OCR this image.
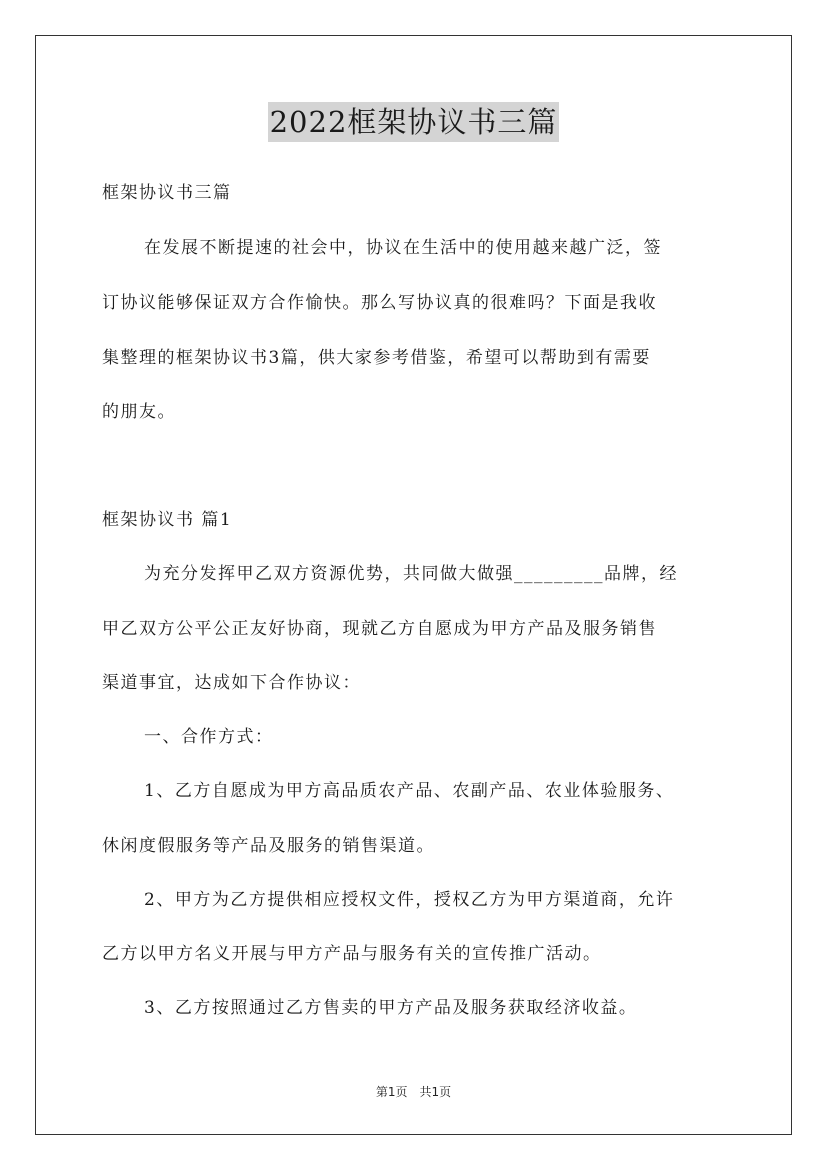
2022框架协议书三篇
框架协议书三篇
在发展不断提速的社会中，协议在生活中的使用越来越广泛，签
订协议能够保证双方合作愉快。那么写协议真的很难吗？下面是我收
集整理的框架协议书3篇，供大家参考借鉴，希望可以帮助到有需要
的朋友。
框架协议书 篇1
为充分发挥甲乙双方资源优势，共同做大做强_________品牌，经
甲乙双方公平公正友好协商，现就乙方自愿成为甲方产品及服务销售
渠道事宜，达成如下合作协议：
一、合作方式：
1、乙方自愿成为甲方高品质农产品、农副产品、农业体验服务、
休闲度假服务等产品及服务的销售渠道。
2、甲方为乙方提供相应授权文件，授权乙方为甲方渠道商，允许
乙方以甲方名义开展与甲方产品与服务有关的宣传推广活动。
3、乙方按照通过乙方售卖的甲方产品及服务获取经济收益。
第1页 共1页
